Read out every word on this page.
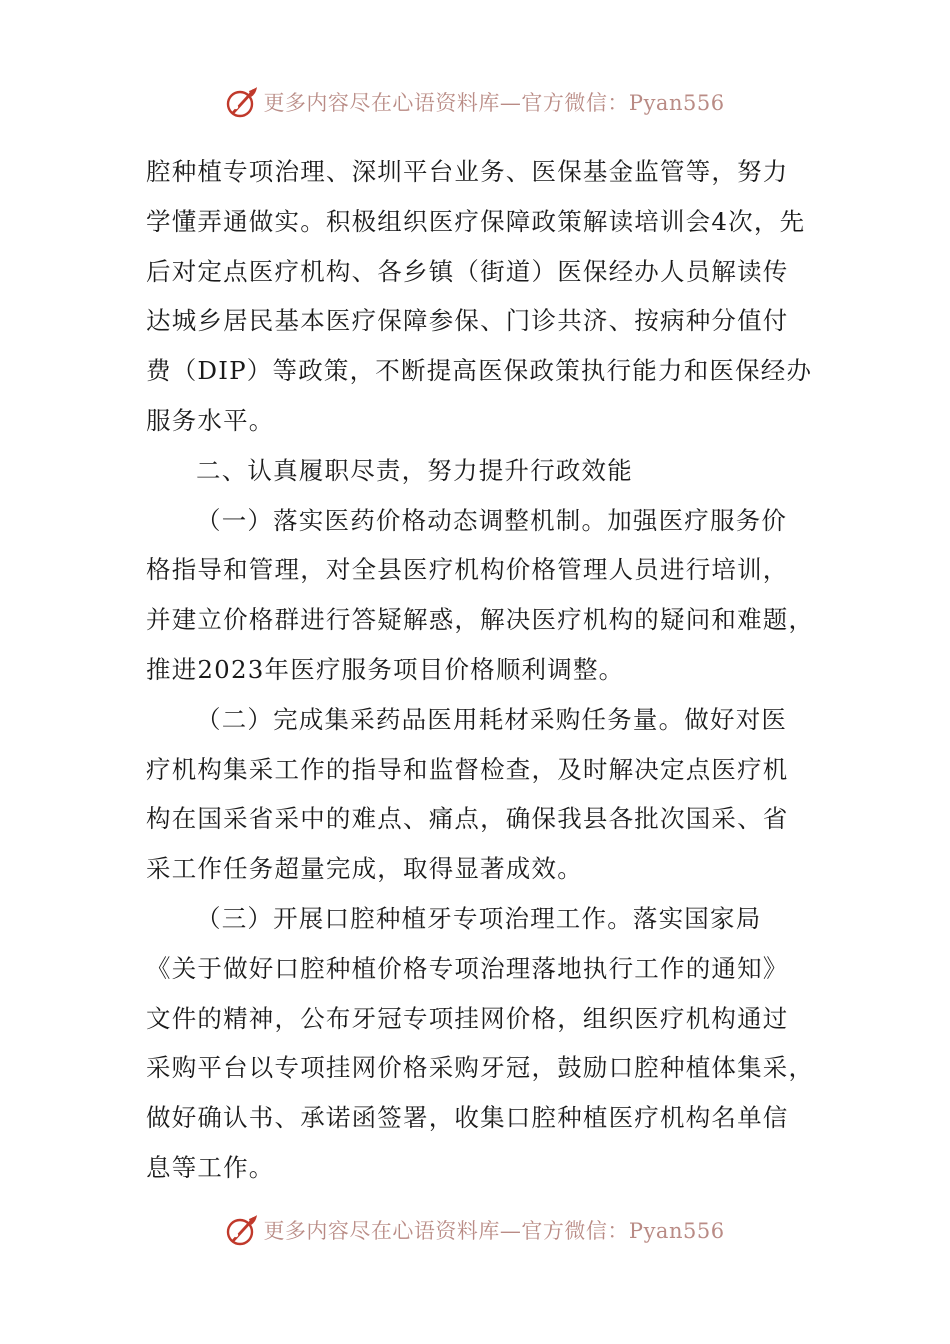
更多内容尽在心语资料库—官方微信：Pyan556

腔种植专项治理、深圳平台业务、医保基金监管等，努力
学懂弄通做实。积极组织医疗保障政策解读培训会4次，先
后对定点医疗机构、各乡镇（街道）医保经办人员解读传
达城乡居民基本医疗保障参保、门诊共济、按病种分值付
费（DIP）等政策，不断提高医保政策执行能力和医保经办
服务水平。

二、认真履职尽责，努力提升行政效能

（一）落实医药价格动态调整机制。加强医疗服务价
格指导和管理，对全县医疗机构价格管理人员进行培训，
并建立价格群进行答疑解惑，解决医疗机构的疑问和难题，
推进2023年医疗服务项目价格顺利调整。

（二）完成集采药品医用耗材采购任务量。做好对医
疗机构集采工作的指导和监督检查，及时解决定点医疗机
构在国采省采中的难点、痛点，确保我县各批次国采、省
采工作任务超量完成，取得显著成效。

（三）开展口腔种植牙专项治理工作。落实国家局
《关于做好口腔种植价格专项治理落地执行工作的通知》
文件的精神，公布牙冠专项挂网价格，组织医疗机构通过
采购平台以专项挂网价格采购牙冠，鼓励口腔种植体集采，
做好确认书、承诺函签署，收集口腔种植医疗机构名单信
息等工作。

更多内容尽在心语资料库—官方微信：Pyan556
